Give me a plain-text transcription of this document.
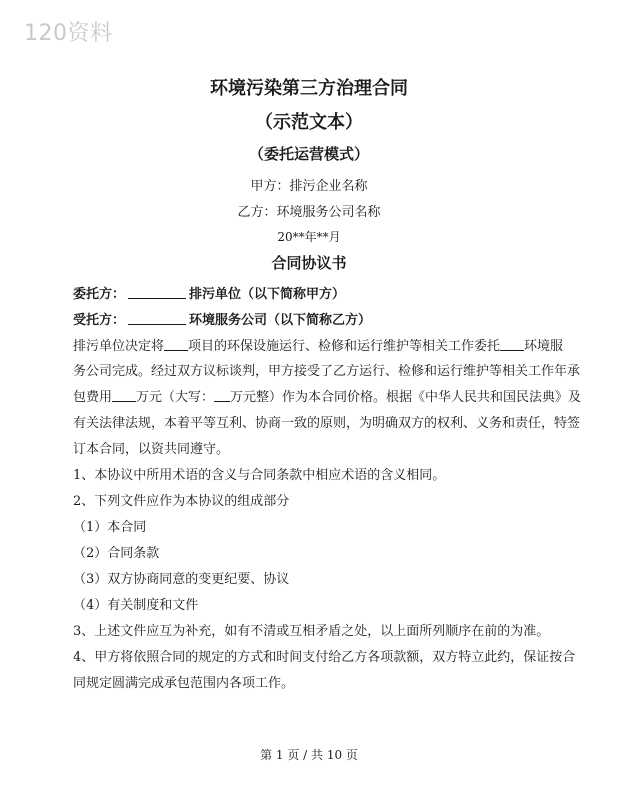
120资料
环境污染第三方治理合同
（示范文本）
（委托运营模式）
甲方：排污企业名称
乙方：环境服务公司名称
20**年**月
合同协议书
委托方：	排污单位（以下简称甲方）
受托方：	环境服务公司（以下简称乙方）
排污单位决定将 项目的环保设施运行、检修和运行维护等相关工作委托 环境服
务公司完成。经过双方议标谈判，甲方接受了乙方运行、检修和运行维护等相关工作年承
包费用 万元（大写： 万元整）作为本合同价格。根据《中华人民共和国民法典》及
有关法律法规，本着平等互利、协商一致的原则，为明确双方的权利、义务和责任，特签
订本合同，以资共同遵守。
1、本协议中所用术语的含义与合同条款中相应术语的含义相同。
2、下列文件应作为本协议的组成部分
（1）本合同
（2）合同条款
（3）双方协商同意的变更纪要、协议
（4）有关制度和文件
3、上述文件应互为补充，如有不清或互相矛盾之处，以上面所列顺序在前的为准。
4、甲方将依照合同的规定的方式和时间支付给乙方各项款额，双方特立此约，保证按合
同规定圆满完成承包范围内各项工作。
第 1 页 / 共 10 页
